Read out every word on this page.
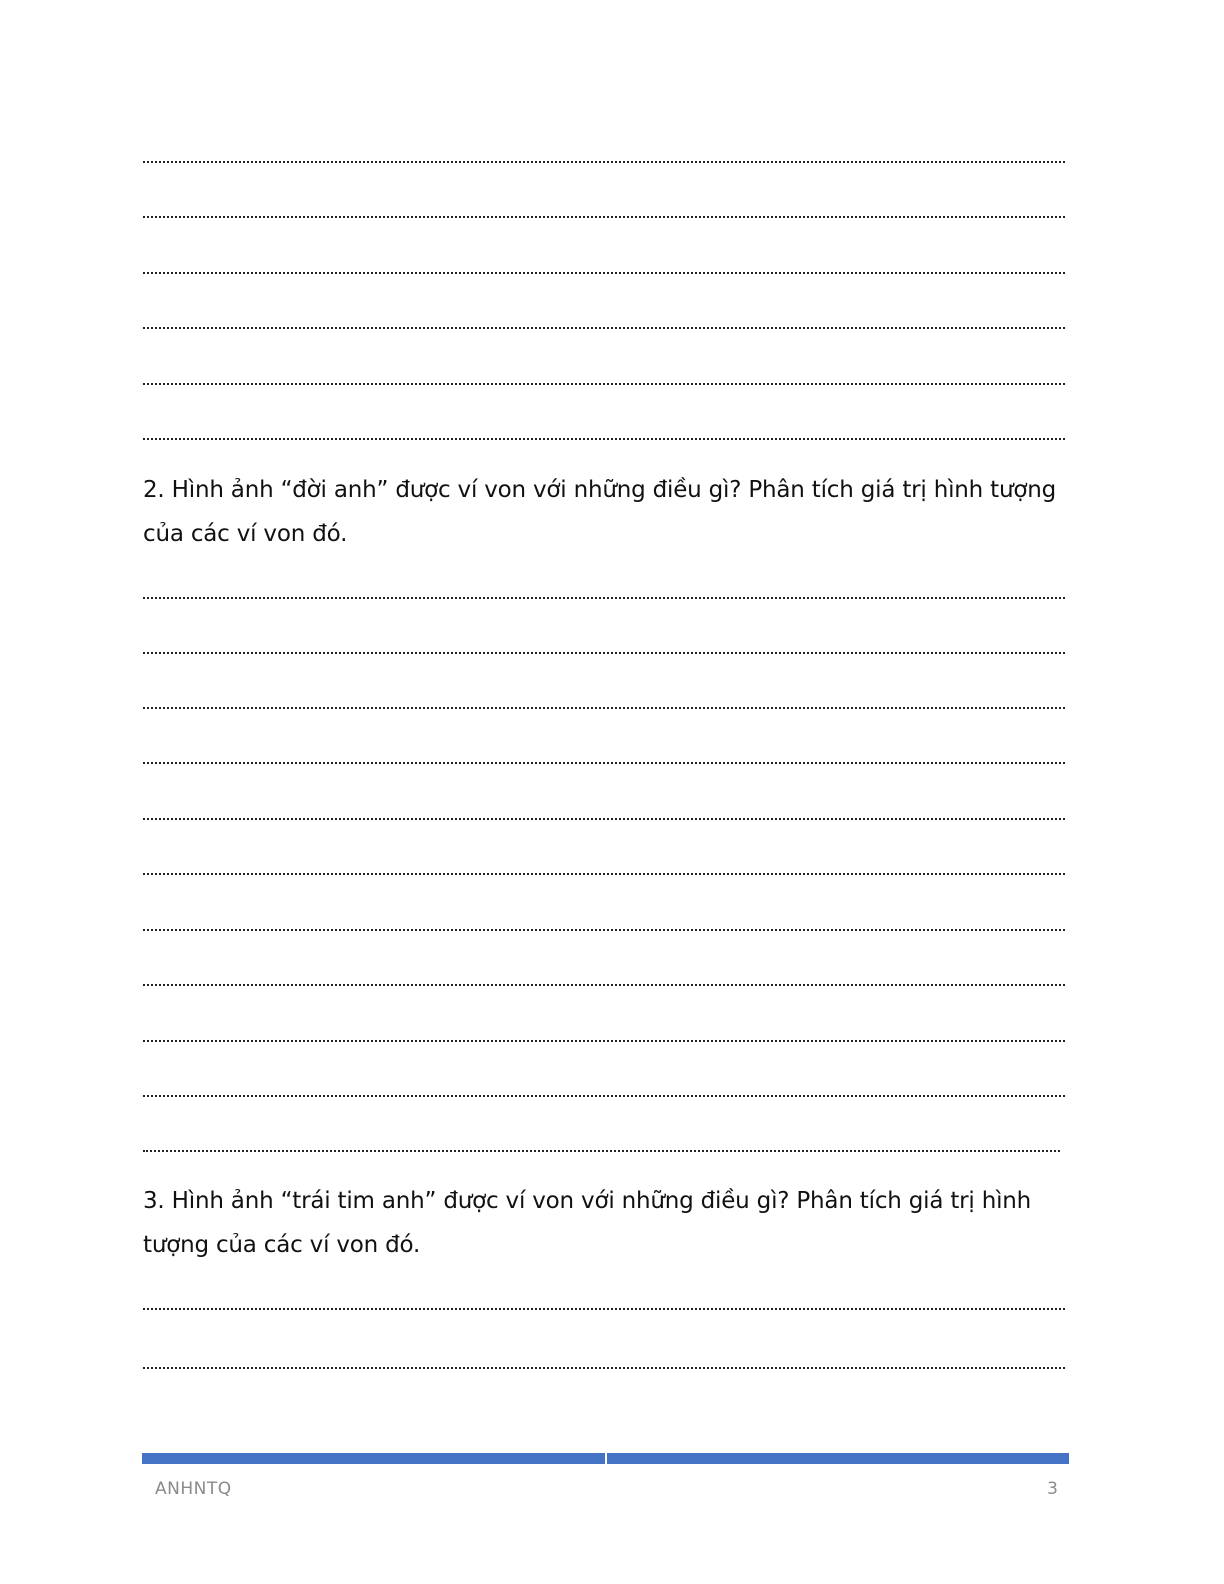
2. Hình ảnh “đời anh” được ví von với những điều gì? Phân tích giá trị hình tượng
của các ví von đó.
3. Hình ảnh “trái tim anh” được ví von với những điều gì? Phân tích giá trị hình
tượng của các ví von đó.
ANHNTQ	3
